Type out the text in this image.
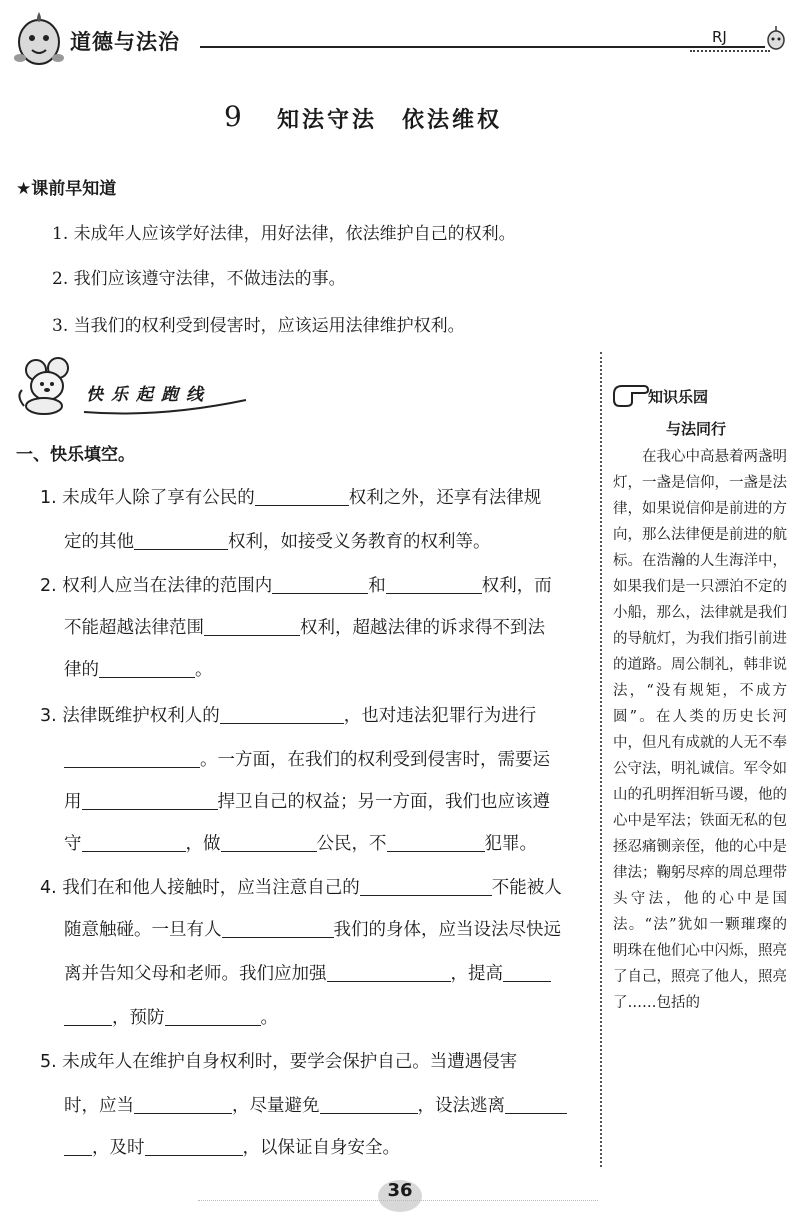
道德与法治	RJ
9 知法守法　依法维权
★课前早知道
1. 未成年人应该学好法律，用好法律，依法维护自己的权利。
2. 我们应该遵守法律，不做违法的事。
3. 当我们的权利受到侵害时，应该运用法律维护权利。
快乐起跑线
一、快乐填空。
1. 未成年人除了享有公民的	权利之外，还享有法律规
定的其他	权利，如接受义务教育的权利等。
2. 权利人应当在法律的范围内	和	权利，而
不能超越法律范围	权利，超越法律的诉求得不到法
律的	。
3. 法律既维护权利人的	，也对违法犯罪行为进行
。一方面，在我们的权利受到侵害时，需要运
用	捍卫自己的权益；另一方面，我们也应该遵
守	，做	公民，不	犯罪。
4. 我们在和他人接触时，应当注意自己的	不能被人
随意触碰。一旦有人	我们的身体，应当设法尽快远
离并告知父母和老师。我们应加强	，提高
，预防	。
5. 未成年人在维护自身权利时，要学会保护自己。当遭遇侵害
时，应当	，尽量避免	，设法逃离
，及时	，以保证自身安全。
知识乐园
与法同行
在我心中高悬着两盏明灯，一盏是信仰，一盏是法律，如果说信仰是前进的方向，那么法律便是前进的航标。在浩瀚的人生海洋中，如果我们是一只漂泊不定的小船，那么，法律就是我们的导航灯，为我们指引前进的道路。周公制礼，韩非说法，“没有规矩，不成方圆”。在人类的历史长河中，但凡有成就的人无不奉公守法，明礼诚信。军令如山的孔明挥泪斩马谡，他的心中是军法；铁面无私的包拯忍痛铡亲侄，他的心中是律法；鞠躬尽瘁的周总理带头守法，他的心中是国法。“法”犹如一颗璀璨的明珠在他们心中闪烁，照亮了自己，照亮了他人，照亮了……包括的
36
